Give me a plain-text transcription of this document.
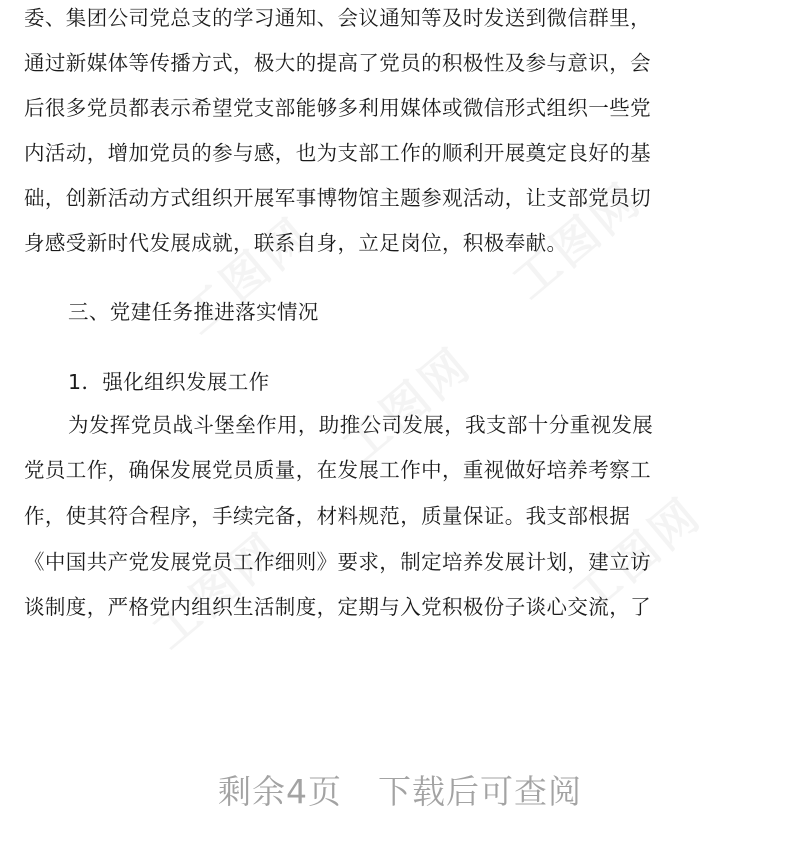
委、集团公司党总支的学习通知、会议通知等及时发送到微信群里，
通过新媒体等传播方式，极大的提高了党员的积极性及参与意识，会
后很多党员都表示希望党支部能够多利用媒体或微信形式组织一些党
内活动，增加党员的参与感，也为支部工作的顺利开展奠定良好的基
础，创新活动方式组织开展军事博物馆主题参观活动，让支部党员切
身感受新时代发展成就，联系自身，立足岗位，积极奉献。
三、党建任务推进落实情况
1．强化组织发展工作
为发挥党员战斗堡垒作用，助推公司发展，我支部十分重视发展
党员工作，确保发展党员质量，在发展工作中，重视做好培养考察工
作，使其符合程序，手续完备，材料规范，质量保证。我支部根据
《中国共产党发展党员工作细则》要求，制定培养发展计划，建立访
谈制度，严格党内组织生活制度，定期与入党积极份子谈心交流，了
剩余4页 下载后可查阅
